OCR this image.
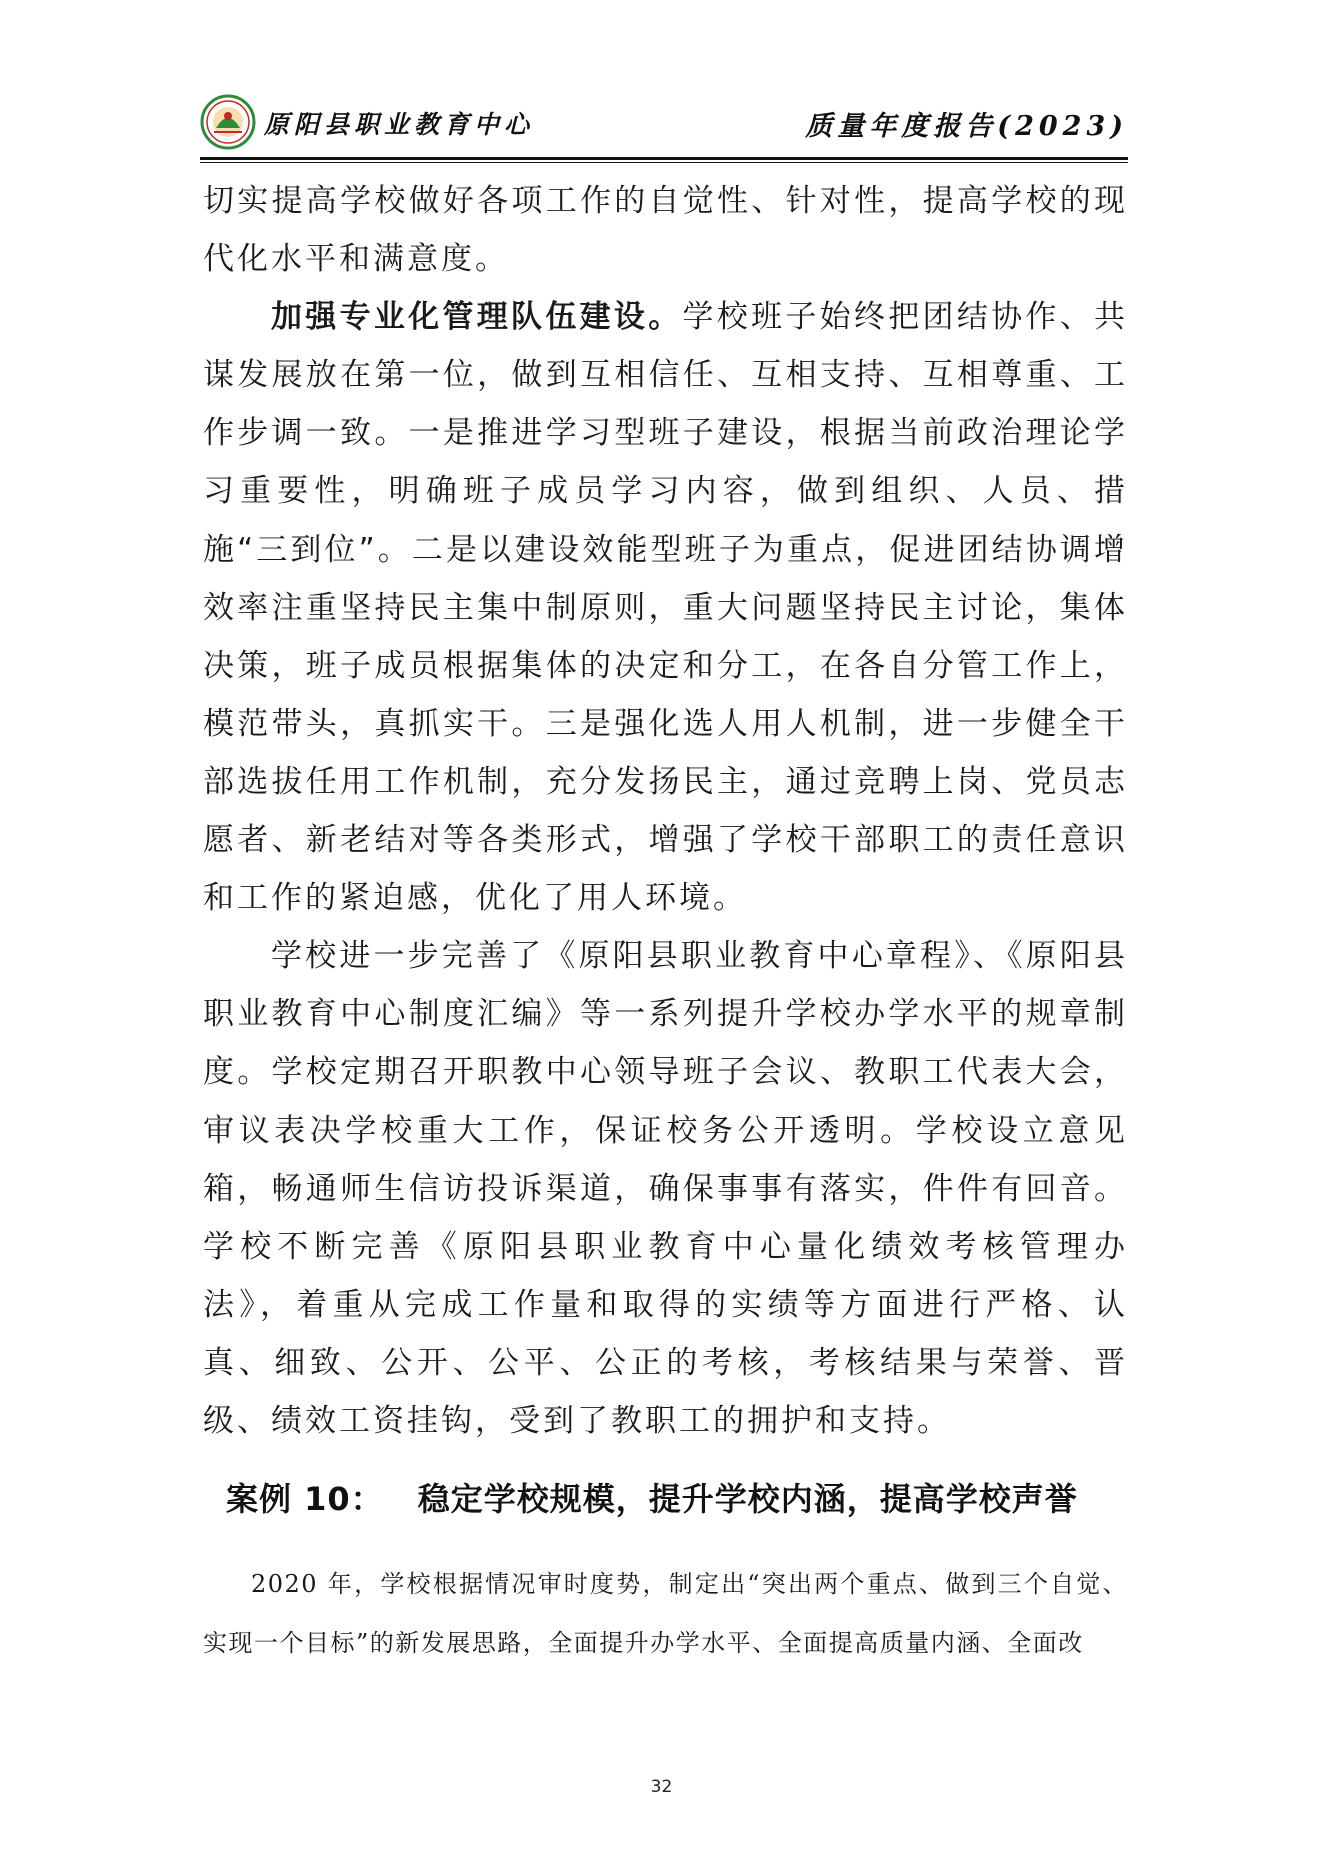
原阳县职业教育中心	质量年度报告(2023)

切实提高学校做好各项工作的自觉性、针对性，提高学校的现代化水平和满意度。

加强专业化管理队伍建设。学校班子始终把团结协作、共谋发展放在第一位，做到互相信任、互相支持、互相尊重、工作步调一致。一是推进学习型班子建设，根据当前政治理论学习重要性，明确班子成员学习内容，做到组织、人员、措施“三到位”。二是以建设效能型班子为重点，促进团结协调增效率注重坚持民主集中制原则，重大问题坚持民主讨论，集体决策，班子成员根据集体的决定和分工，在各自分管工作上，模范带头，真抓实干。三是强化选人用人机制，进一步健全干部选拔任用工作机制，充分发扬民主，通过竞聘上岗、党员志愿者、新老结对等各类形式，增强了学校干部职工的责任意识和工作的紧迫感，优化了用人环境。

学校进一步完善了《原阳县职业教育中心章程》、《原阳县职业教育中心制度汇编》等一系列提升学校办学水平的规章制度。学校定期召开职教中心领导班子会议、教职工代表大会，审议表决学校重大工作，保证校务公开透明。学校设立意见箱，畅通师生信访投诉渠道，确保事事有落实，件件有回音。学校不断完善《原阳县职业教育中心量化绩效考核管理办法》，着重从完成工作量和取得的实绩等方面进行严格、认真、细致、公开、公平、公正的考核，考核结果与荣誉、晋级、绩效工资挂钩，受到了教职工的拥护和支持。

案例 10： 稳定学校规模，提升学校内涵，提高学校声誉

2020 年，学校根据情况审时度势，制定出“突出两个重点、做到三个自觉、实现一个目标”的新发展思路，全面提升办学水平、全面提高质量内涵、全面改

32
